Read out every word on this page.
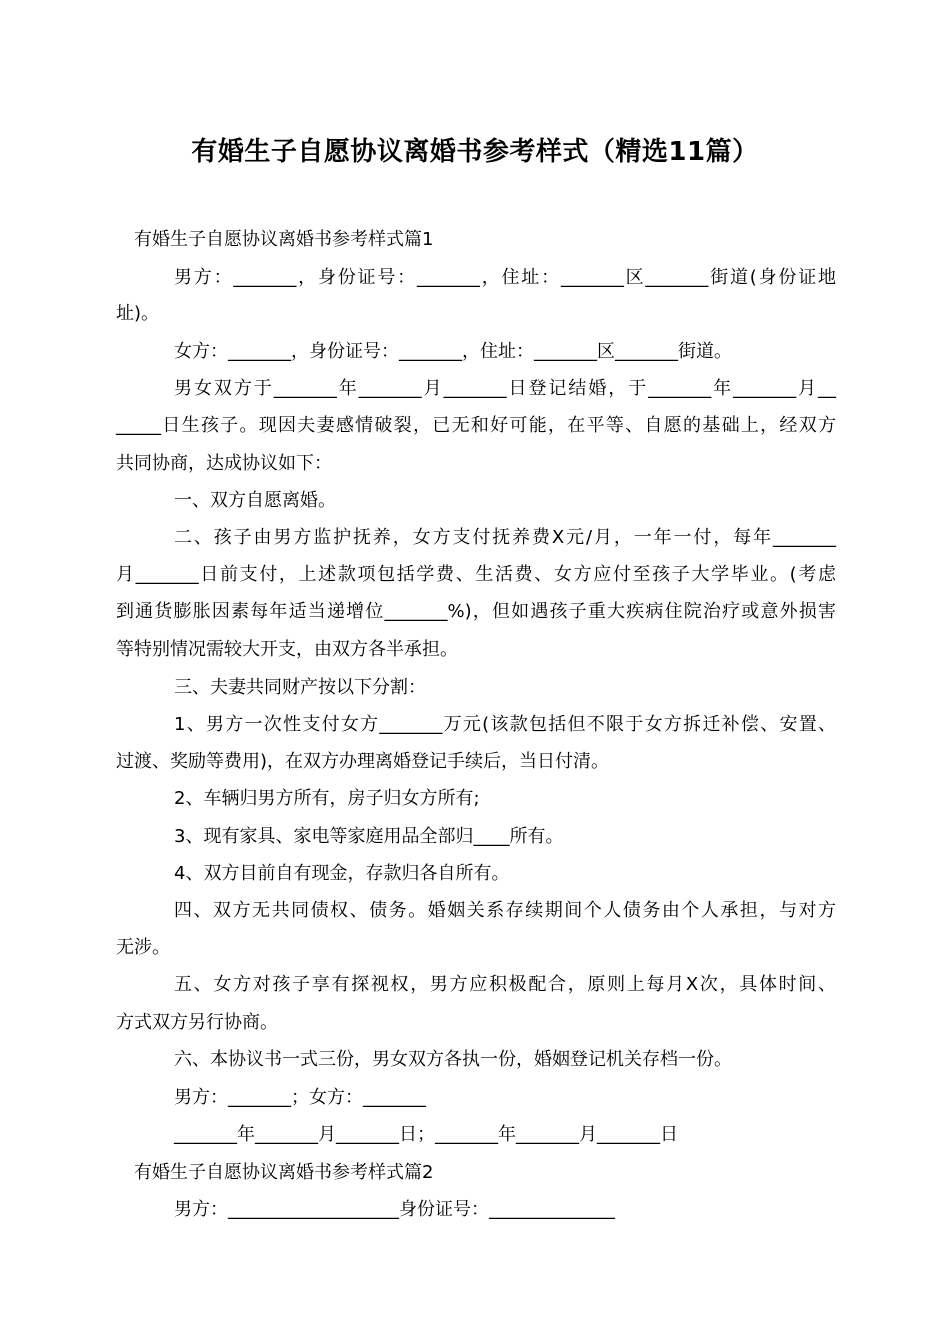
有婚生子自愿协议离婚书参考样式（精选11篇）
有婚生子自愿协议离婚书参考样式篇1
男方：_______，身份证号：_______，住址：_______区_______街道(身份证地
址)。
女方：_______，身份证号：_______，住址：_______区_______街道。
男女双方于_______年_______月_______日登记结婚，于_______年_______月__
_____日生孩子。现因夫妻感情破裂，已无和好可能，在平等、自愿的基础上，经双方
共同协商，达成协议如下：
一、双方自愿离婚。
二、孩子由男方监护抚养，女方支付抚养费X元/月，一年一付，每年_______
月_______日前支付，上述款项包括学费、生活费、女方应付至孩子大学毕业。(考虑
到通货膨胀因素每年适当递增位_______%)，但如遇孩子重大疾病住院治疗或意外损害
等特别情况需较大开支，由双方各半承担。
三、夫妻共同财产按以下分割：
1、男方一次性支付女方_______万元(该款包括但不限于女方拆迁补偿、安置、
过渡、奖励等费用)，在双方办理离婚登记手续后，当日付清。
2、车辆归男方所有，房子归女方所有;
3、现有家具、家电等家庭用品全部归____所有。
4、双方目前自有现金，存款归各自所有。
四、双方无共同债权、债务。婚姻关系存续期间个人债务由个人承担，与对方
无涉。
五、女方对孩子享有探视权，男方应积极配合，原则上每月X次，具体时间、
方式双方另行协商。
六、本协议书一式三份，男女双方各执一份，婚姻登记机关存档一份。
男方：_______；女方：_______
_______年_______月_______日；_______年_______月_______日
有婚生子自愿协议离婚书参考样式篇2
男方：___________________身份证号：______________
